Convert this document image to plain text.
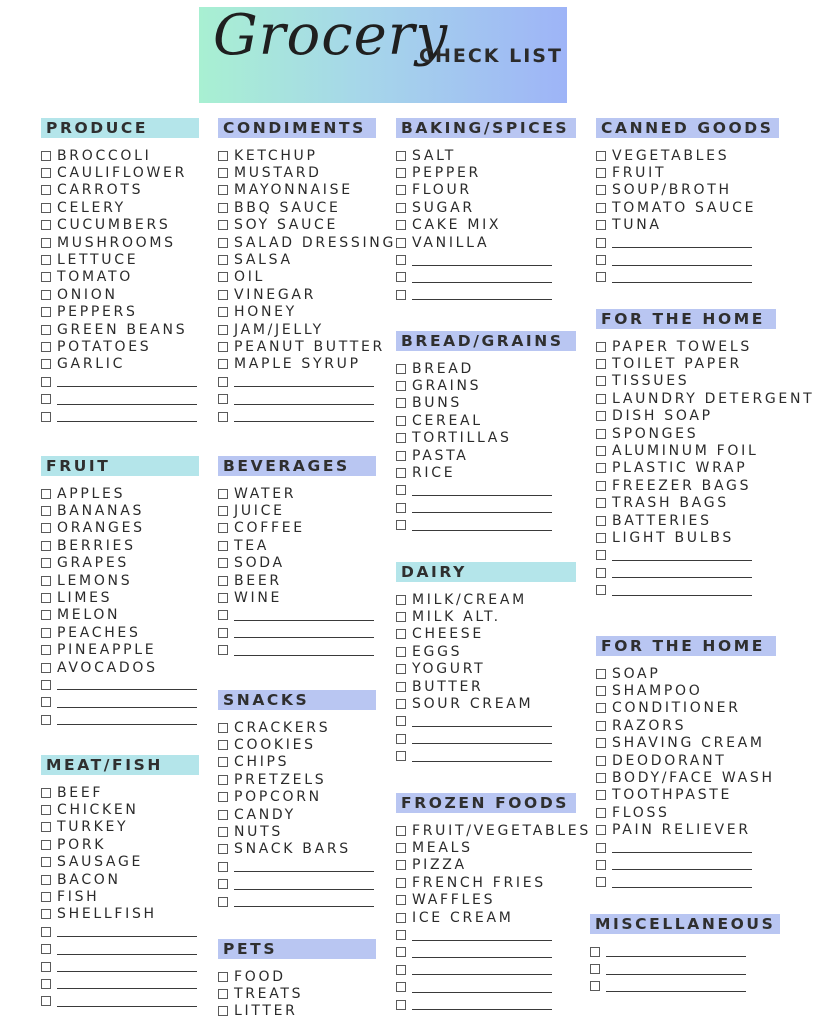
Grocery
CHECK LIST
PRODUCE
BROCCOLI
CAULIFLOWER
CARROTS
CELERY
CUCUMBERS
MUSHROOMS
LETTUCE
TOMATO
ONION
PEPPERS
GREEN BEANS
POTATOES
GARLIC
FRUIT
APPLES
BANANAS
ORANGES
BERRIES
GRAPES
LEMONS
LIMES
MELON
PEACHES
PINEAPPLE
AVOCADOS
MEAT/FISH
BEEF
CHICKEN
TURKEY
PORK
SAUSAGE
BACON
FISH
SHELLFISH
CONDIMENTS
KETCHUP
MUSTARD
MAYONNAISE
BBQ SAUCE
SOY SAUCE
SALAD DRESSING
SALSA
OIL
VINEGAR
HONEY
JAM/JELLY
PEANUT BUTTER
MAPLE SYRUP
BEVERAGES
WATER
JUICE
COFFEE
TEA
SODA
BEER
WINE
SNACKS
CRACKERS
COOKIES
CHIPS
PRETZELS
POPCORN
CANDY
NUTS
SNACK BARS
PETS
FOOD
TREATS
LITTER
BAKING/SPICES
SALT
PEPPER
FLOUR
SUGAR
CAKE MIX
VANILLA
BREAD/GRAINS
BREAD
GRAINS
BUNS
CEREAL
TORTILLAS
PASTA
RICE
DAIRY
MILK/CREAM
MILK ALT.
CHEESE
EGGS
YOGURT
BUTTER
SOUR CREAM
FROZEN FOODS
FRUIT/VEGETABLES
MEALS
PIZZA
FRENCH FRIES
WAFFLES
ICE CREAM
CANNED GOODS
VEGETABLES
FRUIT
SOUP/BROTH
TOMATO SAUCE
TUNA
FOR THE HOME
PAPER TOWELS
TOILET PAPER
TISSUES
LAUNDRY DETERGENT
DISH SOAP
SPONGES
ALUMINUM FOIL
PLASTIC WRAP
FREEZER BAGS
TRASH BAGS
BATTERIES
LIGHT BULBS
FOR THE HOME
SOAP
SHAMPOO
CONDITIONER
RAZORS
SHAVING CREAM
DEODORANT
BODY/FACE WASH
TOOTHPASTE
FLOSS
PAIN RELIEVER
MISCELLANEOUS
